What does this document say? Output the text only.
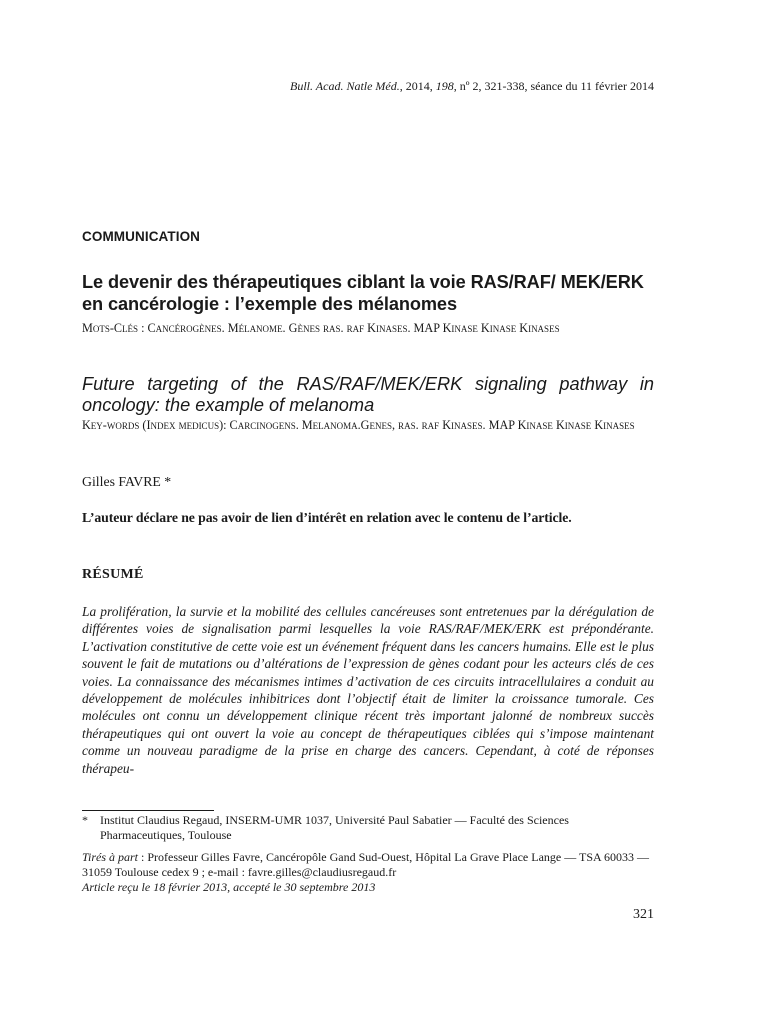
Bull. Acad. Natle Méd., 2014, 198, nº 2, 321-338, séance du 11 février 2014
COMMUNICATION
Le devenir des thérapeutiques ciblant la voie RAS/RAF/ MEK/ERK en cancérologie : l’exemple des mélanomes
Mots-Clés : Cancérogènes. Mélanome. Gènes ras. raf Kinases. MAP Kinase Kinase Kinases
Future targeting of the RAS/RAF/MEK/ERK signaling pathway in oncology: the example of melanoma
Key-words (Index medicus): Carcinogens. Melanoma.Genes, ras. raf Kinases. MAP Kinase Kinase Kinases
Gilles FAVRE *
L’auteur déclare ne pas avoir de lien d’intérêt en relation avec le contenu de l’article.
RÉSUMÉ
La prolifération, la survie et la mobilité des cellules cancéreuses sont entretenues par la dérégulation de différentes voies de signalisation parmi lesquelles la voie RAS/RAF/MEK/ERK est prépondérante. L’activation constitutive de cette voie est un événement fréquent dans les cancers humains. Elle est le plus souvent le fait de mutations ou d’altérations de l’expression de gènes codant pour les acteurs clés de ces voies. La connaissance des mécanismes intimes d’activation de ces circuits intracellulaires a conduit au développement de molécules inhibitrices dont l’objectif était de limiter la croissance tumorale. Ces molécules ont connu un développement clinique récent très important jalonné de nombreux succès thérapeutiques qui ont ouvert la voie au concept de thérapeutiques ciblées qui s’impose maintenant comme un nouveau paradigme de la prise en charge des cancers. Cependant, à coté de réponses thérapeu-
*	Institut Claudius Regaud, INSERM-UMR 1037, Université Paul Sabatier — Faculté des Sciences Pharmaceutiques, Toulouse
Tirés à part : Professeur Gilles Favre, Cancéropôle Gand Sud-Ouest, Hôpital La Grave Place Lange — TSA 60033 — 31059 Toulouse cedex 9 ; e-mail : favre.gilles@claudiusregaud.fr
Article reçu le 18 février 2013, accepté le 30 septembre 2013
321
